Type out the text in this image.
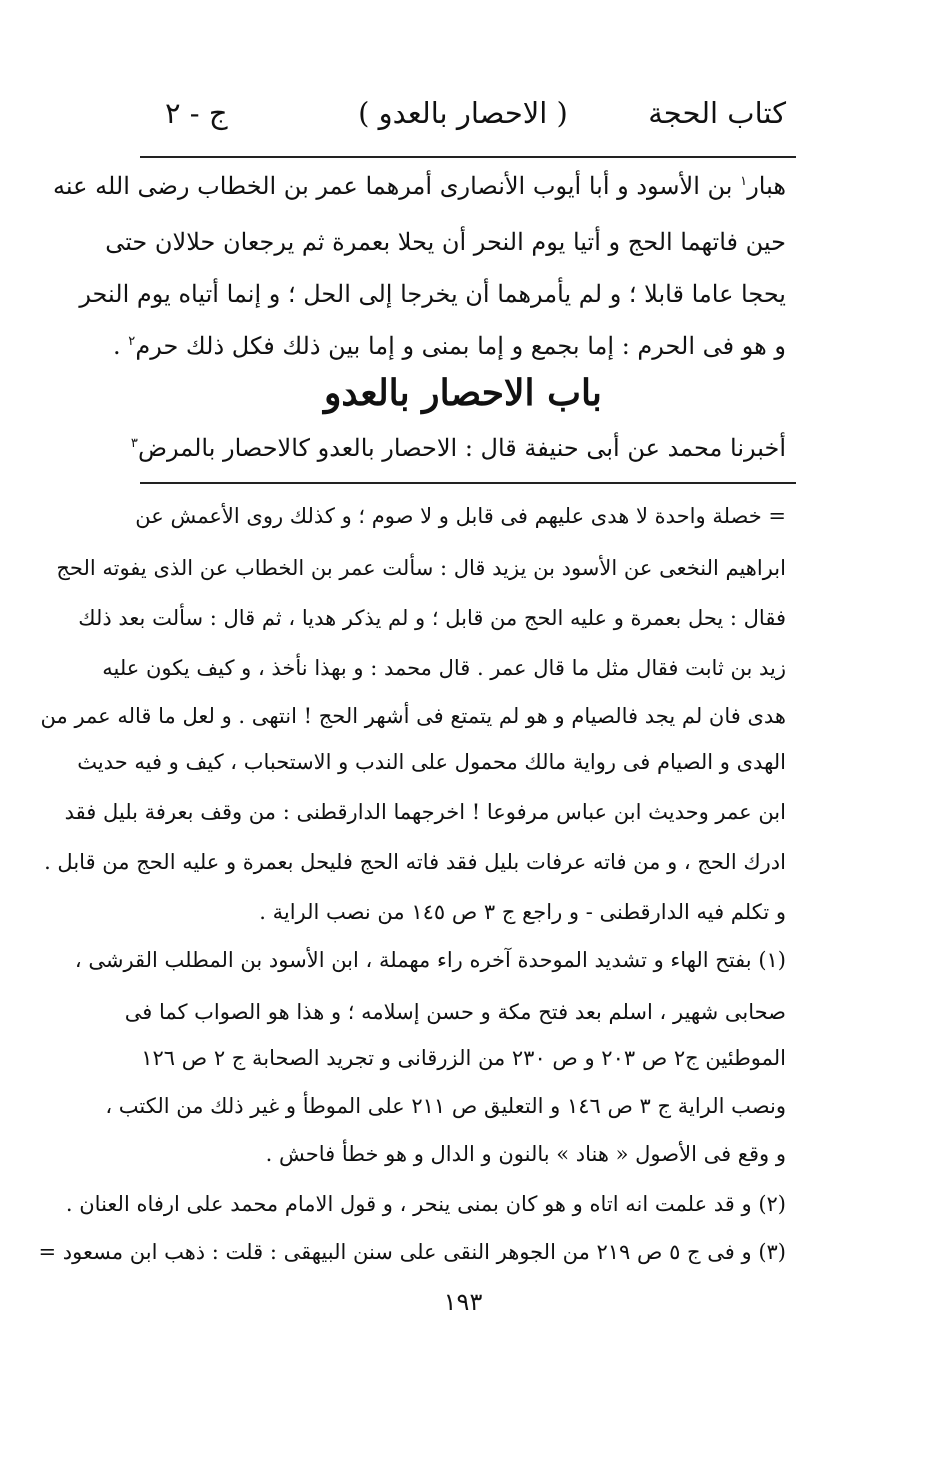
كتاب الحجة
( الاحصار بالعدو )
ج - ٢
هبار$^١$ بن الأسود و أبا أيوب الأنصارى أمرهما عمر بن الخطاب رضى الله عنه
حين فاتهما الحج و أتيا يوم النحر أن يحلا بعمرة ثم يرجعان حلالان حتى
يحجا عاما قابلا ؛ و لم يأمرهما أن يخرجا إلى الحل ؛ و إنما أتياه يوم النحر
و هو فى الحرم : إما بجمع و إما بمنى و إما بين ذلك فكل ذلك حرم$^٢$ .
باب الاحصار بالعدو
أخبرنا محمد عن أبى حنيفة قال : الاحصار بالعدو كالاحصار بالمرض$^٣$
= خصلة واحدة لا هدى عليهم فى قابل و لا صوم ؛ و كذلك روى الأعمش عن
ابراهيم النخعى عن الأسود بن يزيد قال : سألت عمر بن الخطاب عن الذى يفوته الحج
فقال : يحل بعمرة و عليه الحج من قابل ؛ و لم يذكر هديا ، ثم قال : سألت بعد ذلك
زيد بن ثابت فقال مثل ما قال عمر . قال محمد : و بهذا نأخذ ، و كيف يكون عليه
هدى فان لم يجد فالصيام و هو لم يتمتع فى أشهر الحج ! انتهى . و لعل ما قاله عمر من
الهدى و الصيام فى رواية مالك محمول على الندب و الاستحباب ، كيف و فيه حديث
ابن عمر وحديث ابن عباس مرفوعا ! اخرجهما الدارقطنى : من وقف بعرفة بليل فقد
ادرك الحج ، و من فاته عرفات بليل فقد فاته الحج فليحل بعمرة و عليه الحج من قابل .
و تكلم فيه الدارقطنى - و راجع ج ٣ ص ١٤٥ من نصب الراية .
(١) بفتح الهاء و تشديد الموحدة آخره راء مهملة ، ابن الأسود بن المطلب القرشى ،
صحابى شهير ، اسلم بعد فتح مكة و حسن إسلامه ؛ و هذا هو الصواب كما فى
الموطئين ج٢ ص ٢٠٣ و ص ٢٣٠ من الزرقانى و تجريد الصحابة ج ٢ ص ١٢٦
ونصب الراية ج ٣ ص ١٤٦ و التعليق ص ٢١١ على الموطأ و غير ذلك من الكتب ،
و وقع فى الأصول « هناد » بالنون و الدال و هو خطأ فاحش .
(٢) و قد علمت انه اتاه و هو كان بمنى ينحر ، و قول الامام محمد على ارفاه العنان .
(٣) و فى ج ٥ ص ٢١٩ من الجوهر النقى على سنن البيهقى : قلت : ذهب ابن مسعود =
١٩٣
